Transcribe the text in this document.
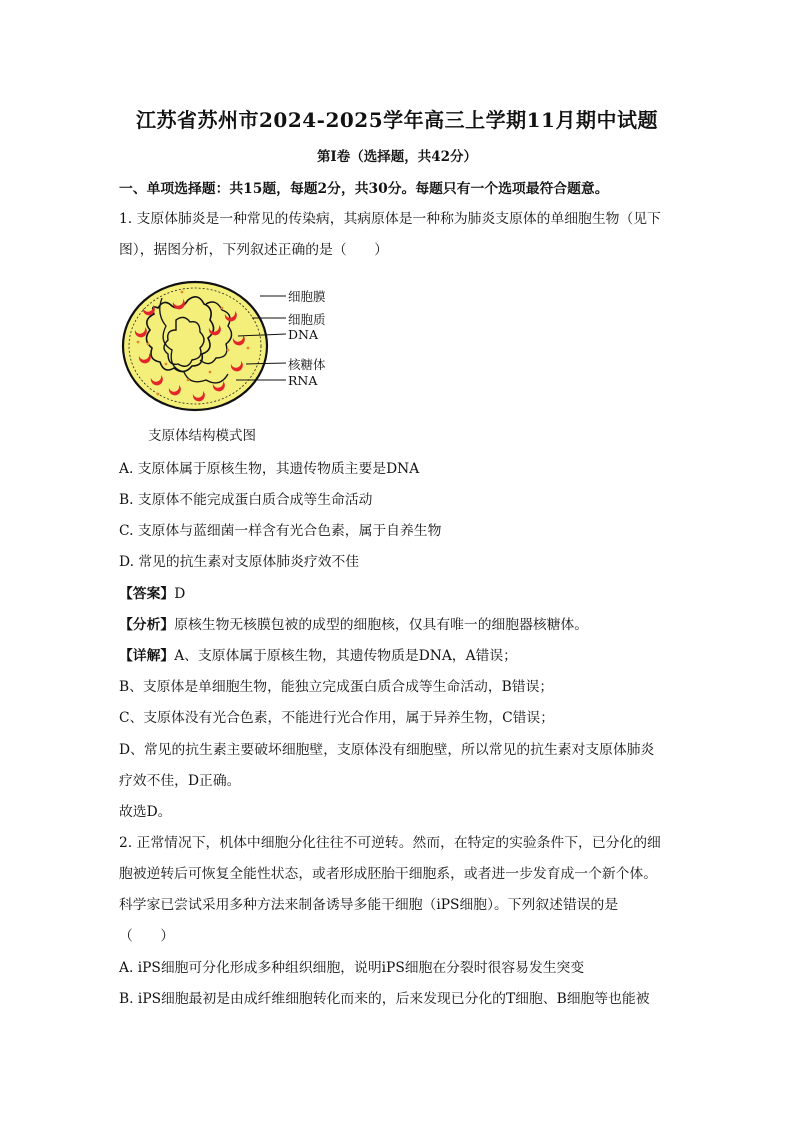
江苏省苏州市2024-2025学年高三上学期11月期中试题
第Ⅰ卷（选择题，共42分）
一、单项选择题：共15题，每题2分，共30分。每题只有一个选项最符合题意。
1. 支原体肺炎是一种常见的传染病，其病原体是一种称为肺炎支原体的单细胞生物（见下
图），据图分析，下列叙述正确的是（　　）
细胞膜
细胞质
DNA
核糖体
RNA
支原体结构模式图
A. 支原体属于原核生物，其遗传物质主要是DNA
B. 支原体不能完成蛋白质合成等生命活动
C. 支原体与蓝细菌一样含有光合色素，属于自养生物
D. 常见的抗生素对支原体肺炎疗效不佳
【答案】D
【分析】原核生物无核膜包被的成型的细胞核，仅具有唯一的细胞器核糖体。
【详解】A、支原体属于原核生物，其遗传物质是DNA，A错误；
B、支原体是单细胞生物，能独立完成蛋白质合成等生命活动，B错误；
C、支原体没有光合色素，不能进行光合作用，属于异养生物，C错误；
D、常见的抗生素主要破坏细胞壁，支原体没有细胞壁，所以常见的抗生素对支原体肺炎
疗效不佳，D正确。
故选D。
2. 正常情况下，机体中细胞分化往往不可逆转。然而，在特定的实验条件下，已分化的细
胞被逆转后可恢复全能性状态，或者形成胚胎干细胞系，或者进一步发育成一个新个体。
科学家已尝试采用多种方法来制备诱导多能干细胞（iPS细胞）。下列叙述错误的是
（　　）
A. iPS细胞可分化形成多种组织细胞，说明iPS细胞在分裂时很容易发生突变
B. iPS细胞最初是由成纤维细胞转化而来的，后来发现已分化的T细胞、B细胞等也能被
